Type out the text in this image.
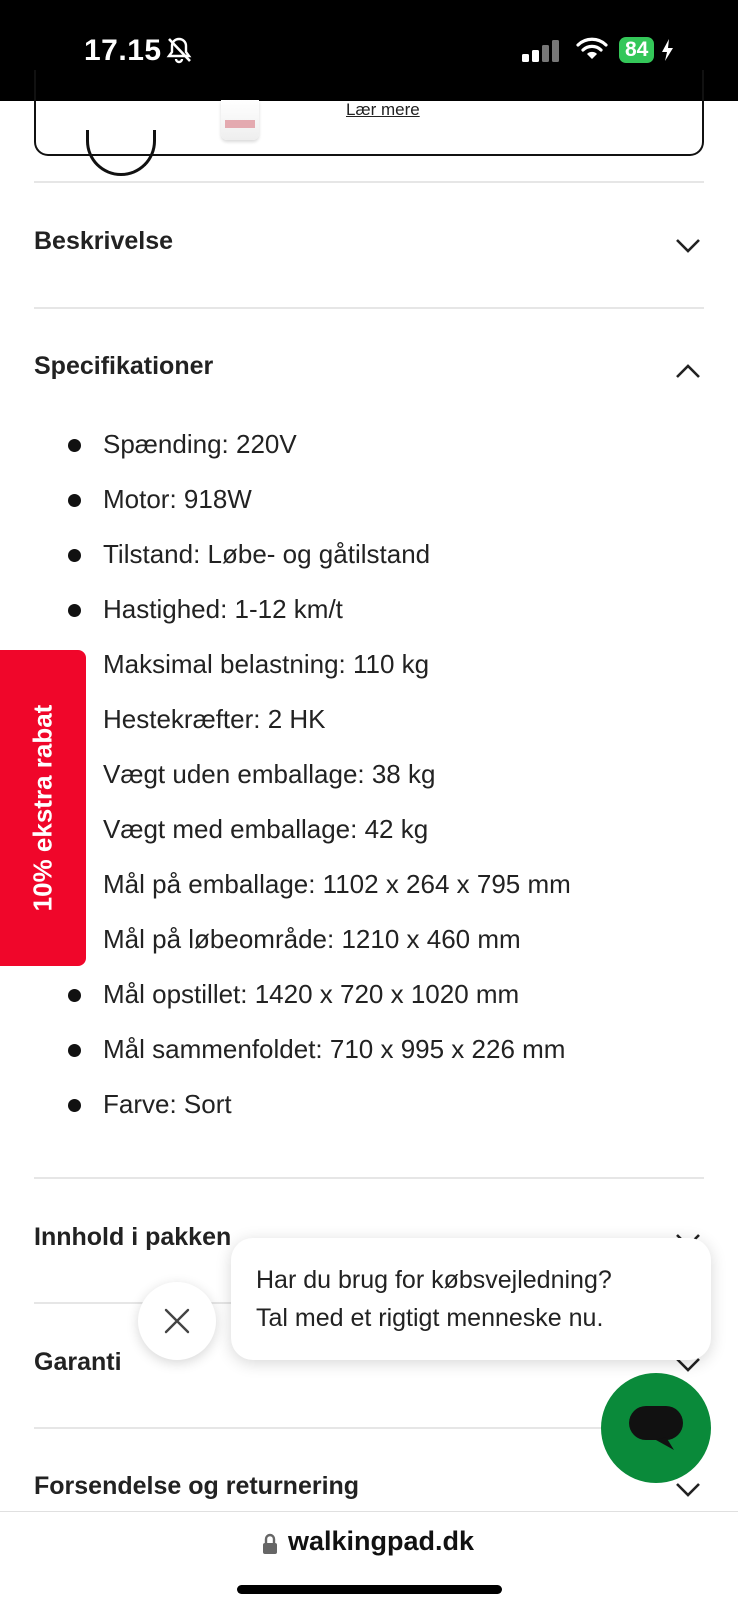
17.15	84
Lær mere
Beskrivelse
Specifikationer
Spænding: 220V
Motor: 918W
Tilstand: Løbe- og gåtilstand
Hastighed: 1-12 km/t
Maksimal belastning: 110 kg
Hestekræfter: 2 HK
Vægt uden emballage: 38 kg
Vægt med emballage: 42 kg
Mål på emballage: 1102 x 264 x 795 mm
Mål på løbeområde: 1210 x 460 mm
Mål opstillet: 1420 x 720 x 1020 mm
Mål sammenfoldet: 710 x 995 x 226 mm
Farve: Sort
Innhold i pakken
Garanti
Forsendelse og returnering
10% ekstra rabat
Har du brug for købsvejledning?
Tal med et rigtigt menneske nu.
walkingpad.dk
